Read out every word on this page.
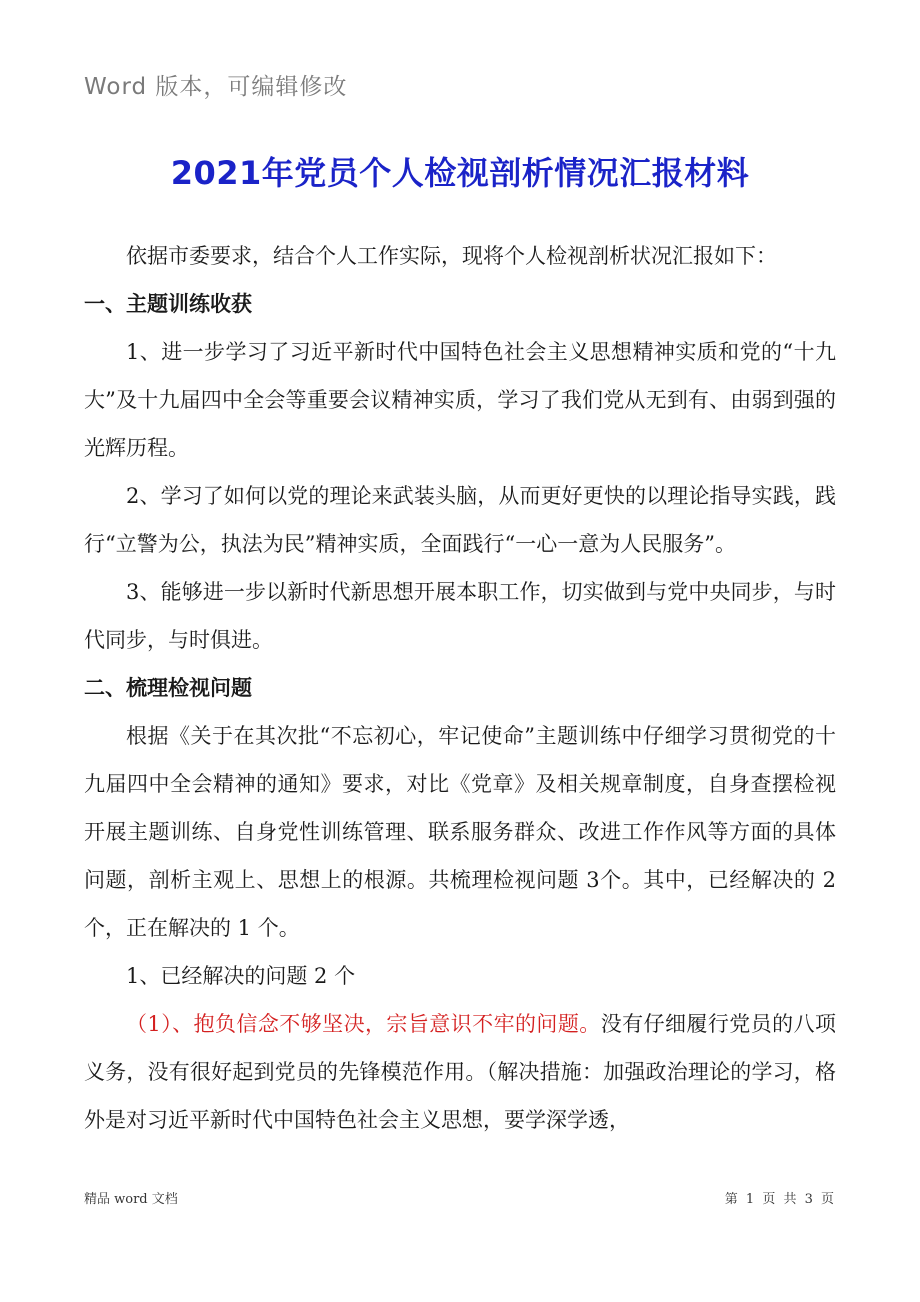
Word 版本，可编辑修改
2021年党员个人检视剖析情况汇报材料

依据市委要求，结合个人工作实际，现将个人检视剖析状况汇报如下：

一、主题训练收获

1、进一步学习了习近平新时代中国特色社会主义思想精神实质和党的“十九大”及十九届四中全会等重要会议精神实质，学习了我们党从无到有、由弱到强的光辉历程。

2、学习了如何以党的理论来武装头脑，从而更好更快的以理论指导实践，践行“立警为公，执法为民”精神实质，全面践行“一心一意为人民服务”。

3、能够进一步以新时代新思想开展本职工作，切实做到与党中央同步，与时代同步，与时俱进。

二、梳理检视问题

根据《关于在其次批“不忘初心，牢记使命”主题训练中仔细学习贯彻党的十九届四中全会精神的通知》要求，对比《党章》及相关规章制度，自身查摆检视开展主题训练、自身党性训练管理、联系服务群众、改进工作作风等方面的具体问题，剖析主观上、思想上的根源。共梳理检视问题 3个。其中，已经解决的 2 个，正在解决的 1 个。

1、已经解决的问题 2 个

（1）、抱负信念不够坚决，宗旨意识不牢的问题。没有仔细履行党员的八项义务，没有很好起到党员的先锋模范作用。（解决措施：加强政治理论的学习，格外是对习近平新时代中国特色社会主义思想，要学深学透，

精品 word 文档	第 1 页 共 3 页
